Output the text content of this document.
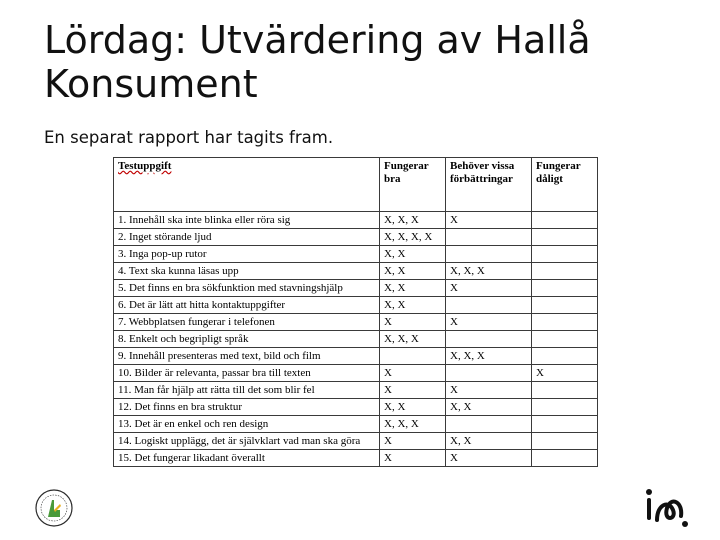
Lördag: Utvärdering av Hallå Konsument
En separat rapport har tagits fram.
Testuppgift	Fungerar bra	Behöver vissa förbättringar	Fungerar dåligt
1. Innehåll ska inte blinka eller röra sig	X, X, X	X	
2. Inget störande ljud	X, X, X, X		
3. Inga pop-up rutor	X, X		
4. Text ska kunna läsas upp	X, X	X, X, X	
5. Det finns en bra sökfunktion med stavningshjälp	X, X	X	
6. Det är lätt att hitta kontaktuppgifter	X, X		
7. Webbplatsen fungerar i telefonen	X	X	
8. Enkelt och begripligt språk	X, X, X		
9. Innehåll presenteras med text, bild och film		X, X, X	
10. Bilder är relevanta, passar bra till texten	X		X
11. Man får hjälp att rätta till det som blir fel	X	X	
12. Det finns en bra struktur	X, X	X, X	
13. Det är en enkel och ren design	X, X, X		
14. Logiskt upplägg, det är självklart vad man ska göra	X	X, X	
15. Det fungerar likadant överallt	X	X	
